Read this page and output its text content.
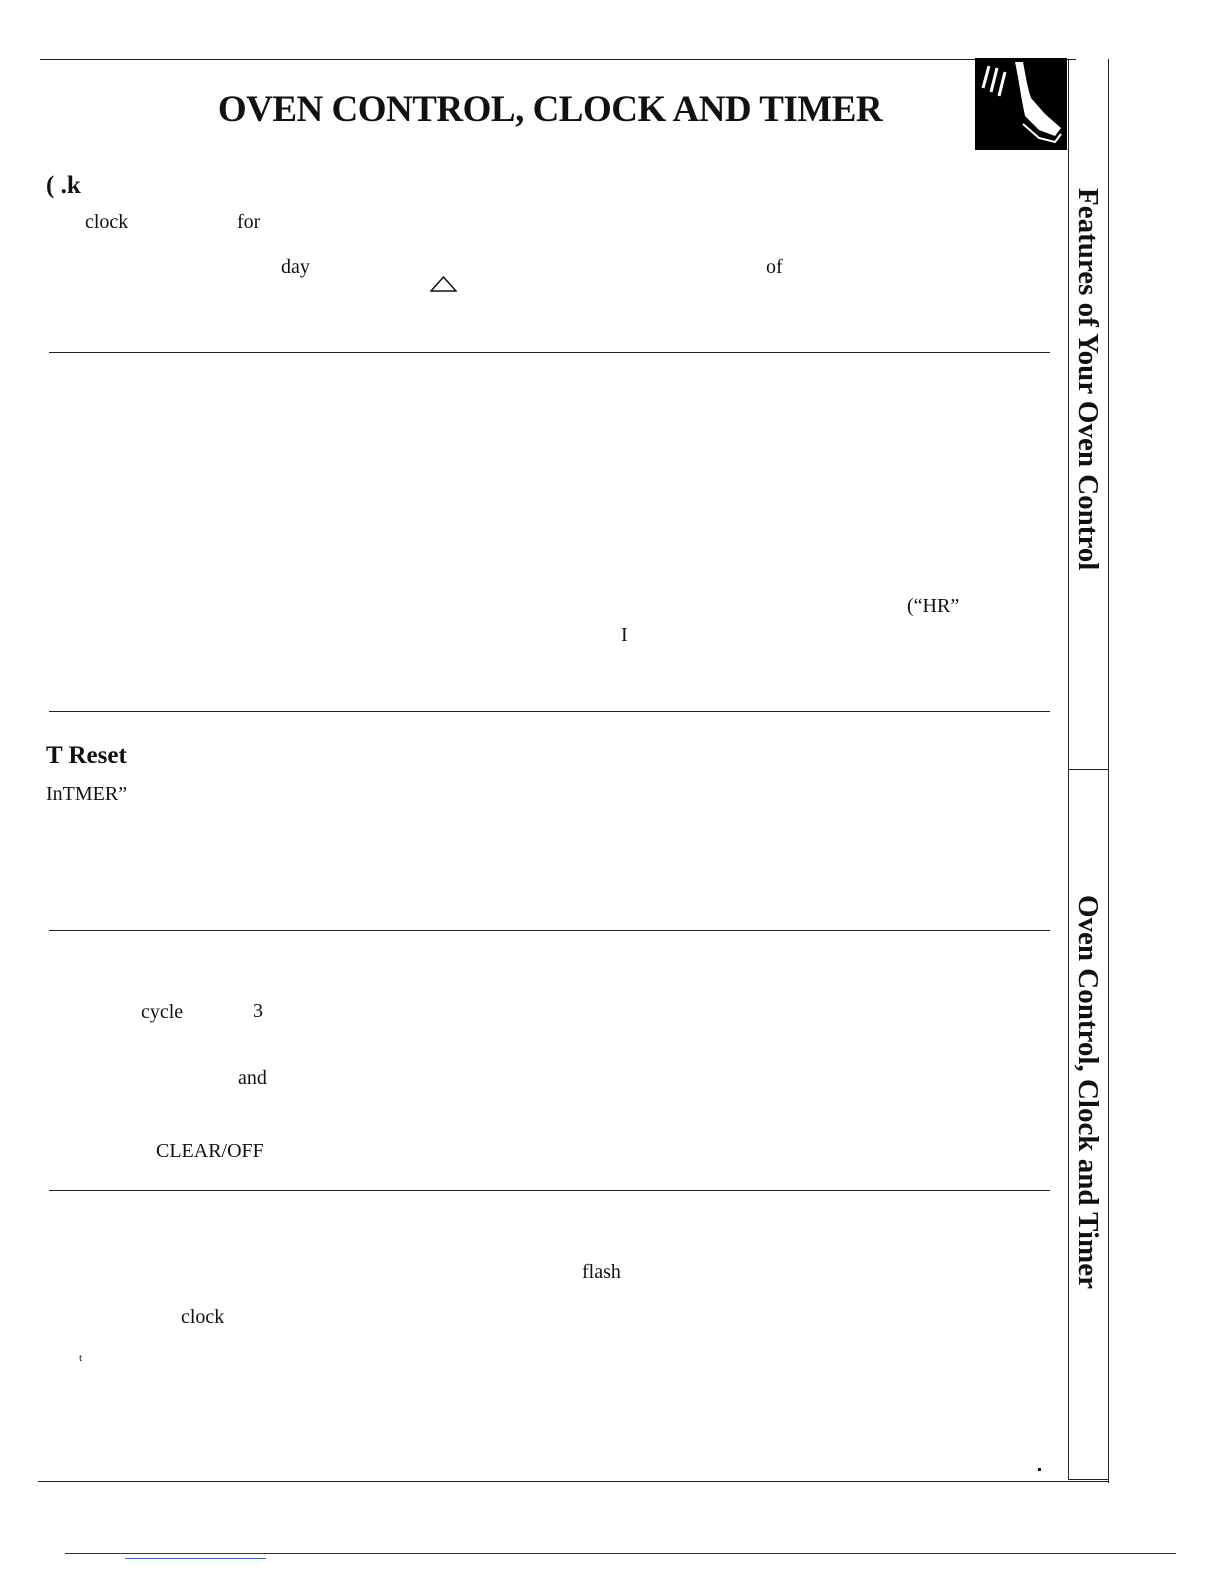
OVEN CONTROL, CLOCK AND TIMER
Features of Your Oven Control
Oven Control, Clock and Timer
( .k
clock	for
day	of
(“HR”
I
T Reset
InTMER”
cycle	3
and
CLEAR/OFF
flash
clock
t
